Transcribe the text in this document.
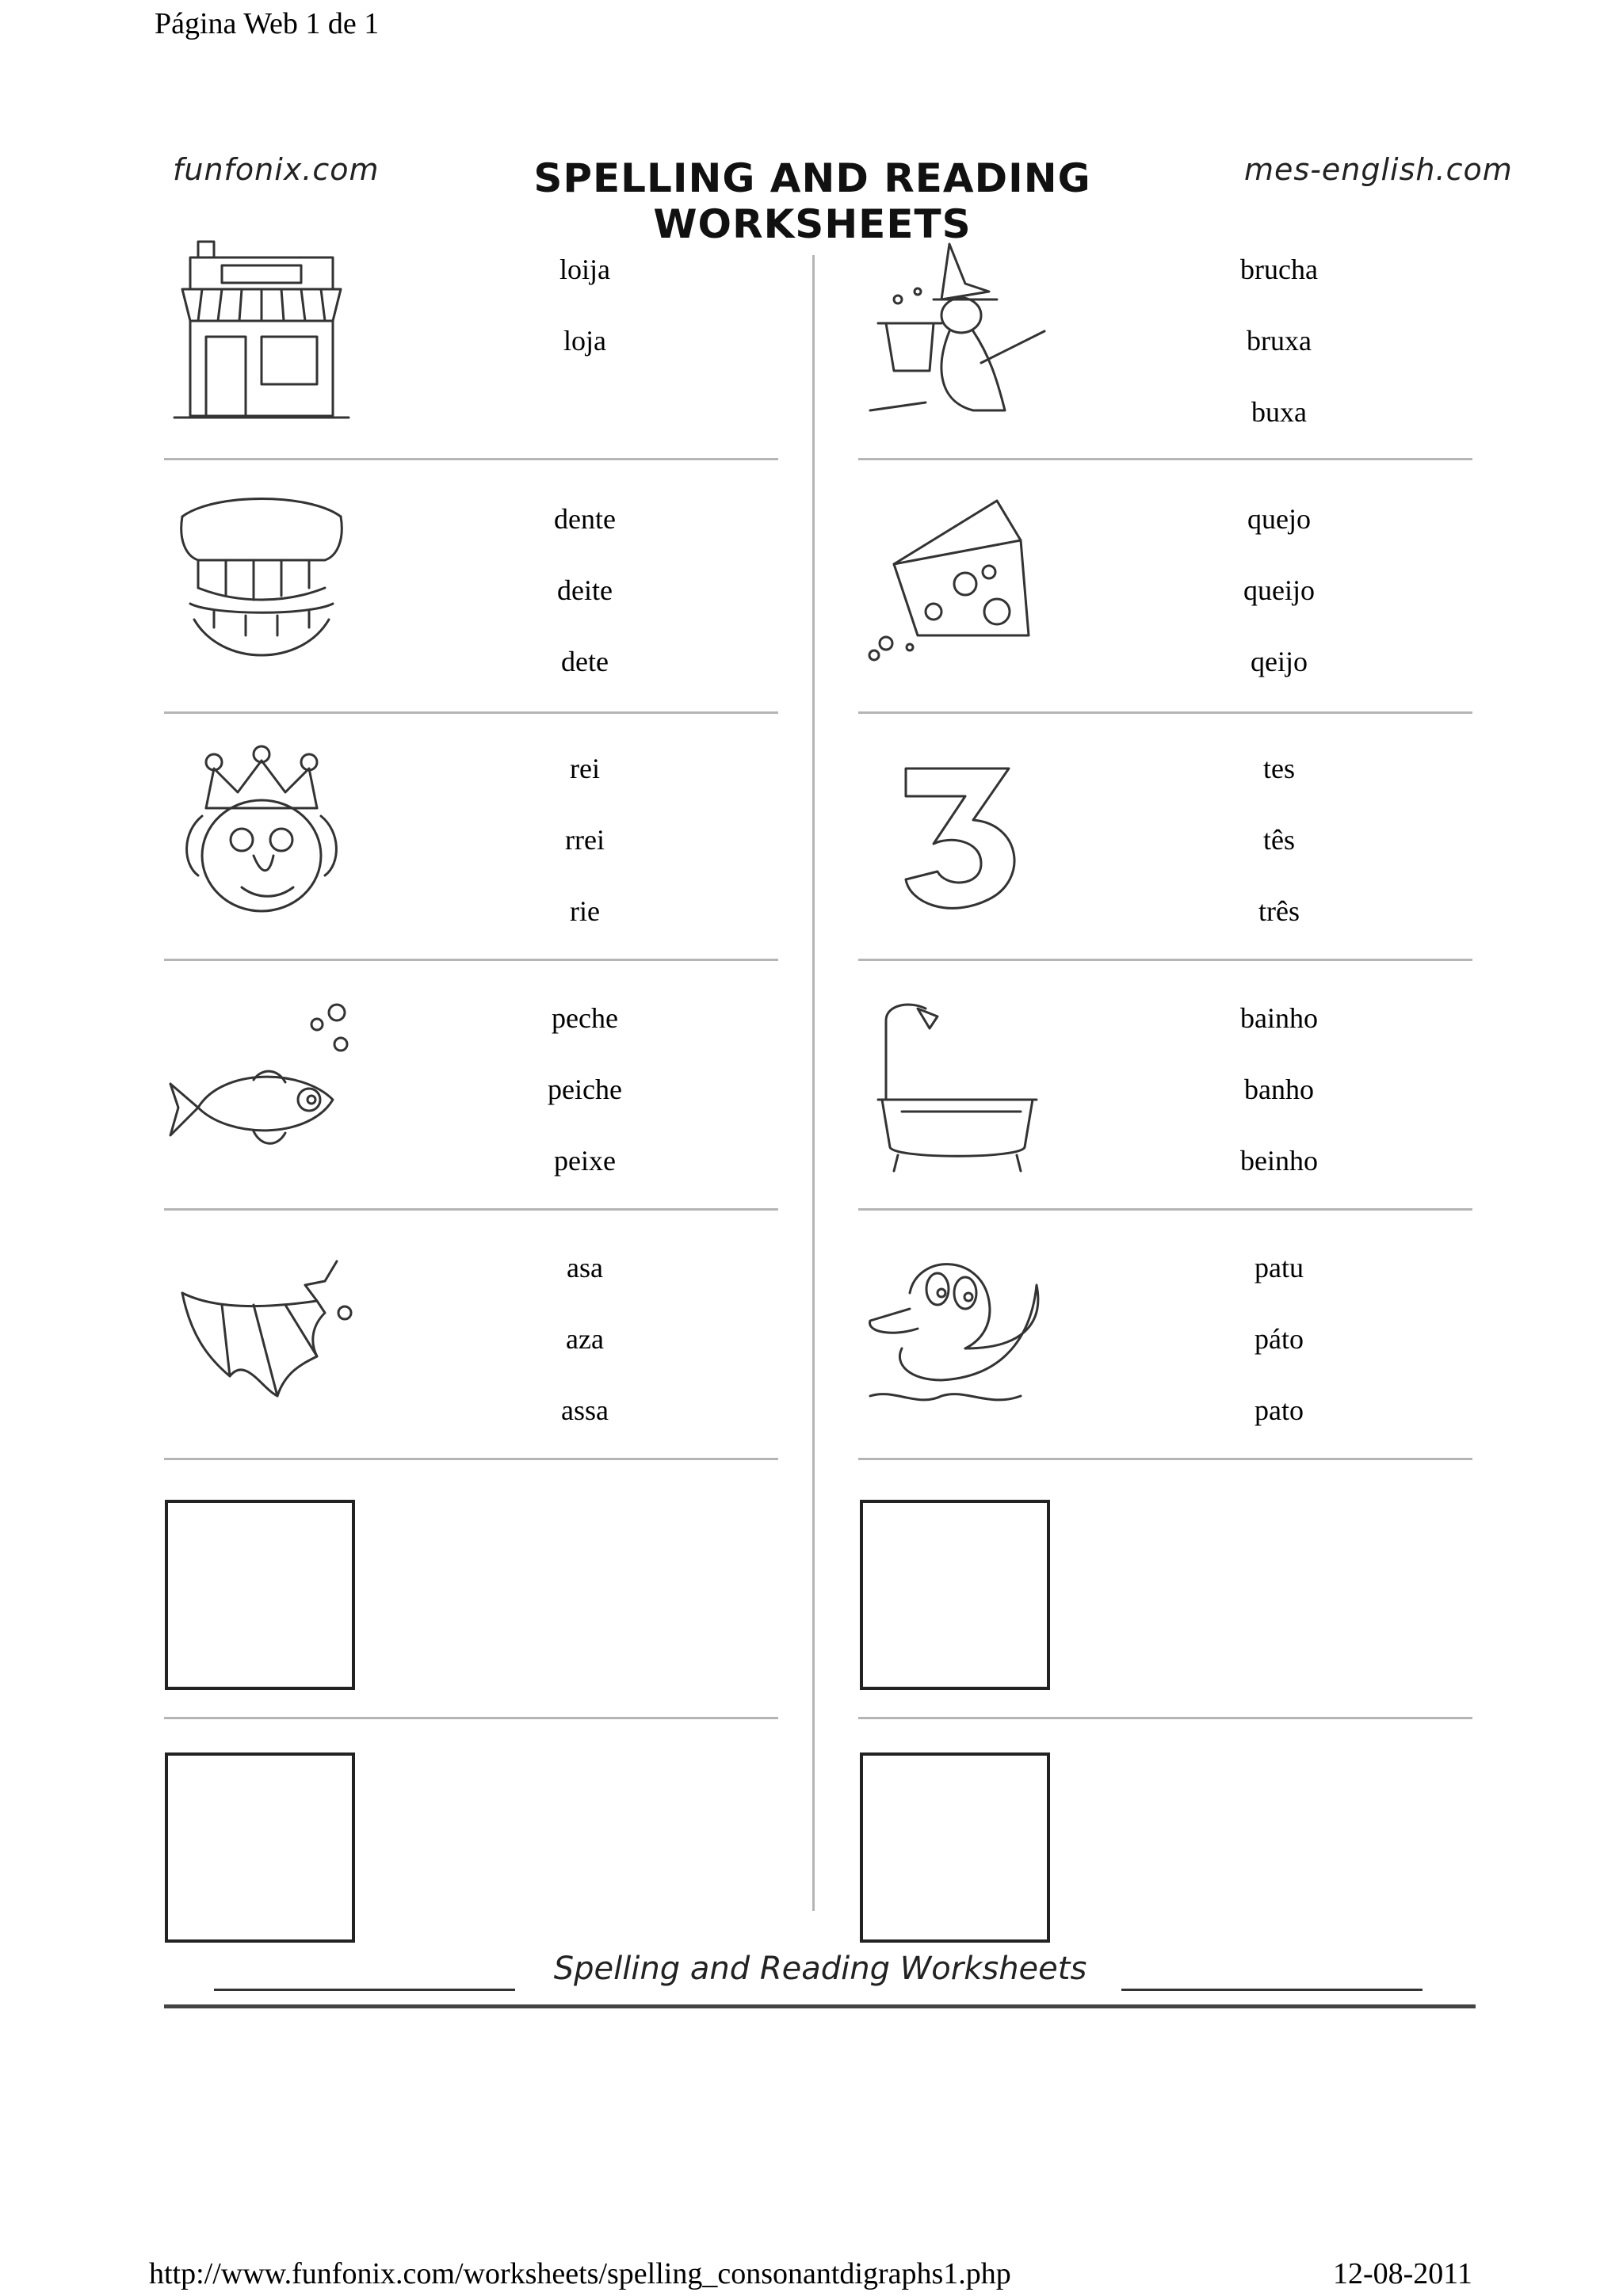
Página Web 1 de 1
funfonix.com	SPELLING AND READING WORKSHEETS
mes-english.com
loija
loja
dente
deite
dete
rei
rrei
rie
peche
peiche
peixe
asa
aza
assa
brucha
bruxa
buxa
quejo
queijo
qeijo
tes
tês
três
bainho
banho
beinho
patu
páto
pato
Spelling and Reading Worksheets
http://www.funfonix.com/worksheets/spelling_consonantdigraphs1.php	12-08-2011
